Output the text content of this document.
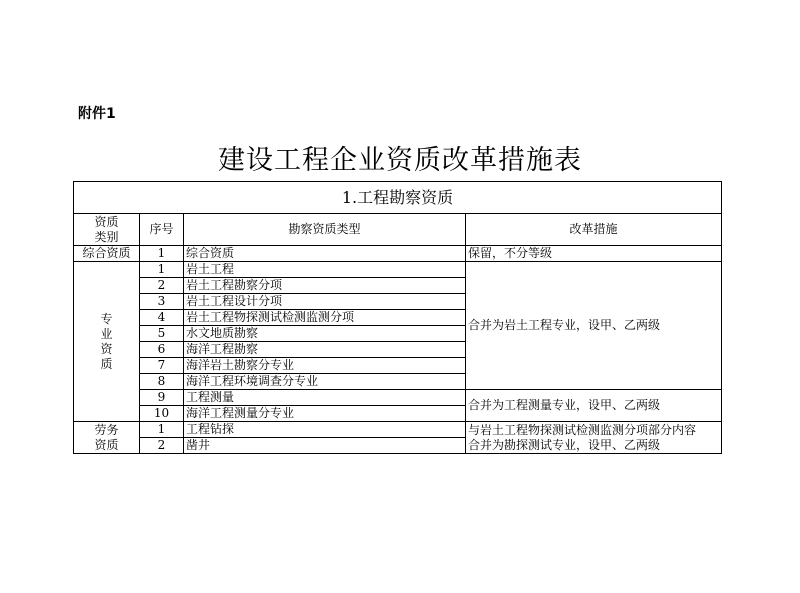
附件1
建设工程企业资质改革措施表
1.工程勘察资质			

资质
类别	序号	勘察资质类型	改革措施
综合资质	1	综合资质	保留，不分等级

专
业
资
质	1	岩土工程	合并为岩土工程专业，设甲、乙两级
	2	岩土工程勘察分项	
	3	岩土工程设计分项	
	4	岩土工程物探测试检测监测分项	
	5	水文地质勘察	
	6	海洋工程勘察	
	7	海洋岩土勘察分专业	
	8	海洋工程环境调查分专业	
	9	工程测量	合并为工程测量专业，设甲、乙两级
	10	海洋工程测量分专业	

劳务
资质	1	工程钻探	与岩土工程物探测试检测监测分项部分内容
合并为勘探测试专业，设甲、乙两级

	2	凿井	
